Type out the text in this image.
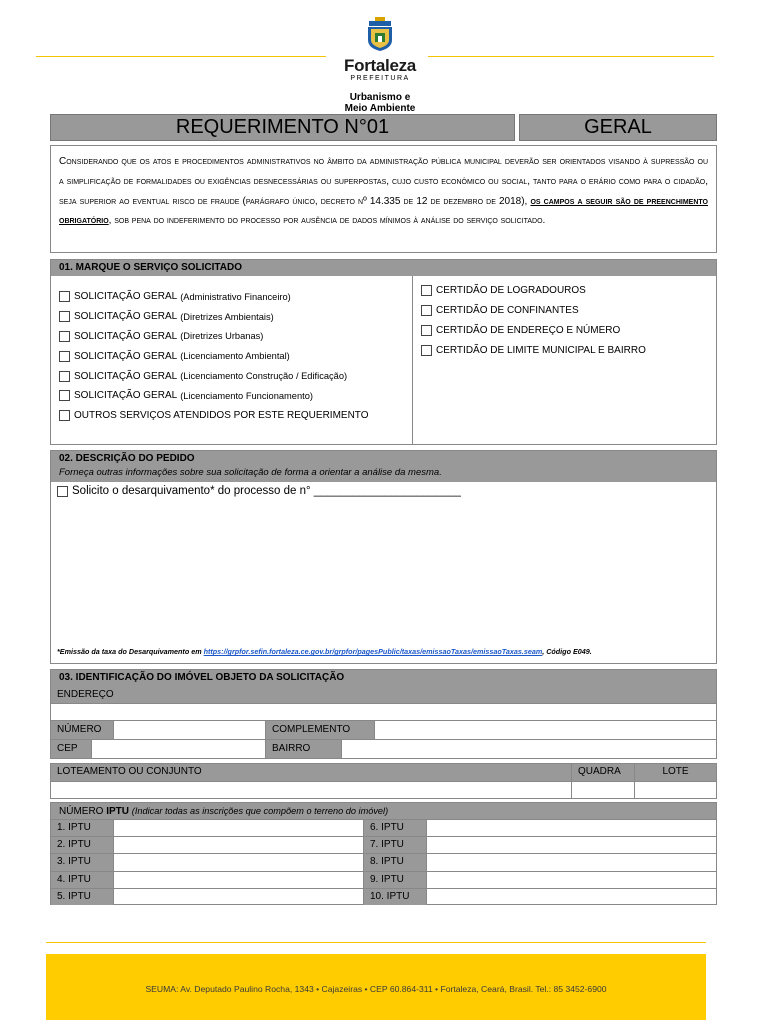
Fortaleza
PREFEITURA
Urbanismo e
Meio Ambiente
REQUERIMENTO N°01	GERAL
Considerando que os atos e procedimentos administrativos no âmbito da administração pública municipal deverão ser orientados visando à supressão ou a simplificação de formalidades ou exigências desnecessárias ou superpostas, cujo custo econômico ou social, tanto para o erário como para o cidadão, seja superior ao eventual risco de fraude (parágrafo único, decreto nº 14.335 de 12 de dezembro de 2018), os campos a seguir são de preenchimento obrigatório, sob pena do indeferimento do processo por ausência de dados mínimos à análise do serviço solicitado.
01. MARQUE O SERVIÇO SOLICITADO
SOLICITAÇÃO GERAL (Administrativo Financeiro)
SOLICITAÇÃO GERAL (Diretrizes Ambientais)
SOLICITAÇÃO GERAL (Diretrizes Urbanas)
SOLICITAÇÃO GERAL (Licenciamento Ambiental)
SOLICITAÇÃO GERAL (Licenciamento Construção / Edificação)
SOLICITAÇÃO GERAL (Licenciamento Funcionamento)
OUTROS SERVIÇOS ATENDIDOS POR ESTE REQUERIMENTO
CERTIDÃO DE LOGRADOUROS
CERTIDÃO DE CONFINANTES
CERTIDÃO DE ENDEREÇO E NÚMERO
CERTIDÃO DE LIMITE MUNICIPAL E BAIRRO
02. DESCRIÇÃO DO PEDIDO
Forneça outras informações sobre sua solicitação de forma a orientar a análise da mesma.
Solicito o desarquivamento* do processo de n° _______________________
*Emissão da taxa do Desarquivamento em https://grpfor.sefin.fortaleza.ce.gov.br/grpfor/pagesPublic/taxas/emissaoTaxas/emissaoTaxas.seam, Código E049.
03. IDENTIFICAÇÃO DO IMÓVEL OBJETO DA SOLICITAÇÃO
ENDEREÇO
NÚMERO	COMPLEMENTO
CEP	BAIRRO
LOTEAMENTO OU CONJUNTO	QUADRA	LOTE
NÚMERO IPTU (Indicar todas as inscrições que compõem o terreno do imóvel)
1. IPTU	6. IPTU
2. IPTU	7. IPTU
3. IPTU	8. IPTU
4. IPTU	9. IPTU
5. IPTU	10. IPTU
SEUMA: Av. Deputado Paulino Rocha, 1343 • Cajazeiras • CEP 60.864-311 • Fortaleza, Ceará, Brasil. Tel.: 85 3452-6900
